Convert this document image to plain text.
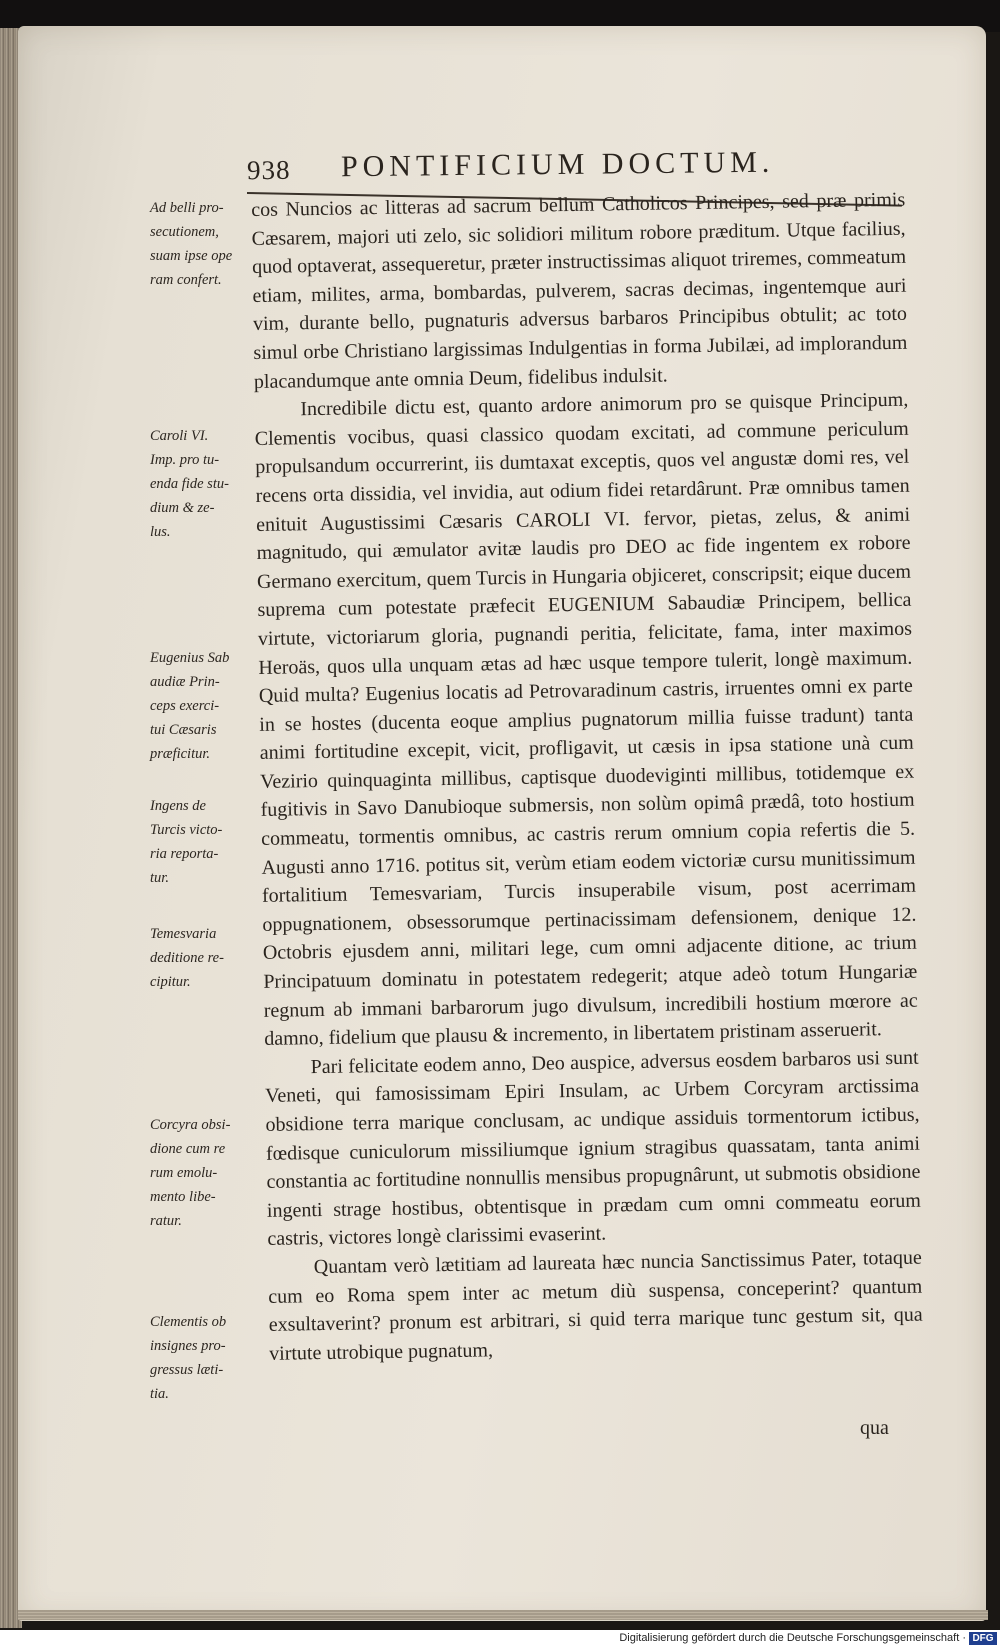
938 PONTIFICIUM DOCTUM.
Ad belli pro-
secutionem,
suam ipse ope
ram confert.
Caroli VI.
Imp. pro tu-
enda fide stu-
dium & ze-
lus.
Eugenius Sab
audiæ Prin-
ceps exerci-
tui Cæsaris
præficitur.
Ingens de
Turcis victo-
ria reporta-
tur.
Temesvaria
deditione re-
cipitur.
Corcyra obsi-
dione cum re
rum emolu-
mento libe-
ratur.
Clementis ob
insignes pro-
gressus læti-
tia.

cos Nuncios ac litteras ad sacrum bellum Catholicos Principes, sed præ primis Cæsarem, majori uti zelo, sic solidiori militum robore præditum. Utque facilius, quod optaverat, assequeretur, præter instructissimas aliquot triremes, commeatum etiam, milites, arma, bombardas, pulverem, sacras decimas, ingentemque auri vim, durante bello, pugnaturis adversus barbaros Principibus obtulit; ac toto simul orbe Christiano largissimas Indulgentias in forma Jubilæi, ad implorandum placandumque ante omnia Deum, fidelibus indulsit.

Incredibile dictu est, quanto ardore animorum pro se quisque Principum, Clementis vocibus, quasi classico quodam excitati, ad commune periculum propulsandum occurrerint, iis dumtaxat exceptis, quos vel angustæ domi res, vel recens orta dissidia, vel invidia, aut odium fidei retardârunt. Præ omnibus tamen enituit Augustissimi Cæsaris CAROLI VI. fervor, pietas, zelus, & animi magnitudo, qui æmulator avitæ laudis pro DEO ac fide ingentem ex robore Germano exercitum, quem Turcis in Hungaria objiceret, conscripsit; eique ducem suprema cum potestate præfecit EUGENIUM Sabaudiæ Principem, bellica virtute, victoriarum gloria, pugnandi peritia, felicitate, fama, inter maximos Heroäs, quos ulla unquam ætas ad hæc usque tempore tulerit, longè maximum. Quid multa? Eugenius locatis ad Petrovaradinum castris, irruentes omni ex parte in se hostes (ducenta eoque amplius pugnatorum millia fuisse tradunt) tanta animi fortitudine excepit, vicit, profligavit, ut cæsis in ipsa statione unà cum Vezirio quinquaginta millibus, captisque duodeviginti millibus, totidemque ex fugitivis in Savo Danubioque submersis, non solùm opimâ prædâ, toto hostium commeatu, tormentis omnibus, ac castris rerum omnium copia refertis die 5. Augusti anno 1716. potitus sit, verùm etiam eodem victoriæ cursu munitissimum fortalitium Temesvariam, Turcis insuperabile visum, post acerrimam oppugnationem, obsessorumque pertinacissimam defensionem, denique 12. Octobris ejusdem anni, militari lege, cum omni adjacente ditione, ac trium Principatuum dominatu in potestatem redegerit; atque adeò totum Hungariæ regnum ab immani barbarorum jugo divulsum, incredibili hostium mœrore ac damno, fidelium que plausu & incremento, in libertatem pristinam asseruerit.

Pari felicitate eodem anno, Deo auspice, adversus eosdem barbaros usi sunt Veneti, qui famosissimam Epiri Insulam, ac Urbem Corcyram arctissima obsidione terra marique conclusam, ac undique assiduis tormentorum ictibus, fœdisque cuniculorum missiliumque ignium stragibus quassatam, tanta animi constantia ac fortitudine nonnullis mensibus propugnârunt, ut submotis obsidione ingenti strage hostibus, obtentisque in prædam cum omni commeatu eorum castris, victores longè clarissimi evaserint.

Quantam verò lætitiam ad laureata hæc nuncia Sanctissimus Pater, totaque cum eo Roma spem inter ac metum diù suspensa, conceperint? quantum exsultaverint? pronum est arbitrari, si quid terra marique tunc gestum sit, qua virtute utrobique pugnatum,

qua
Digitalisierung gefördert durch die Deutsche Forschungsgemeinschaft · DFG
